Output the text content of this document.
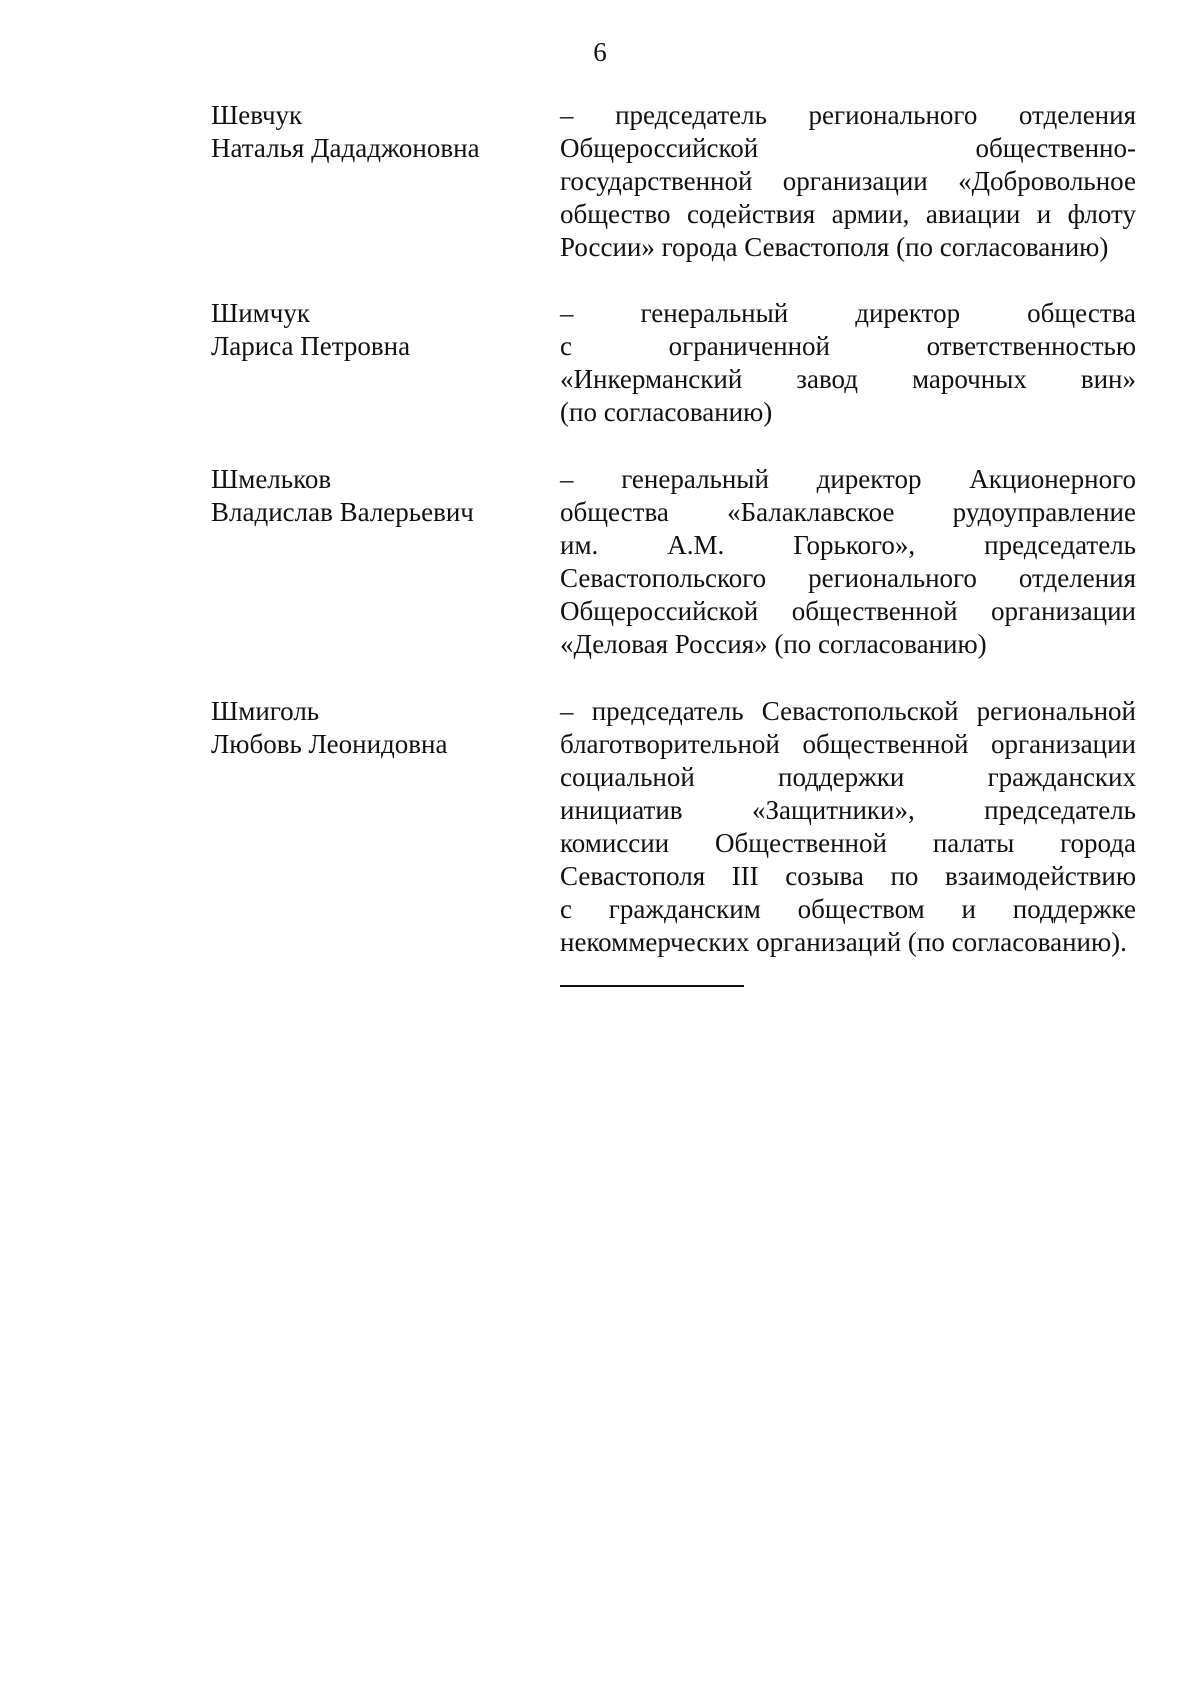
6
Шевчук
Наталья Дададжоновна
– председатель регионального отделения
Общероссийской общественно-
государственной организации «Добровольное
общество содействия армии, авиации и флоту
России» города Севастополя (по согласованию)
Шимчук
Лариса Петровна
– генеральный директор общества
с ограниченной ответственностью
«Инкерманский завод марочных вин»
(по согласованию)
Шмельков
Владислав Валерьевич
– генеральный директор Акционерного
общества «Балаклавское рудоуправление
им. А.М. Горького», председатель
Севастопольского регионального отделения
Общероссийской общественной организации
«Деловая Россия» (по согласованию)
Шмиголь
Любовь Леонидовна
– председатель Севастопольской региональной
благотворительной общественной организации
социальной поддержки гражданских
инициатив «Защитники», председатель
комиссии Общественной палаты города
Севастополя III созыва по взаимодействию
с гражданским обществом и поддержке
некоммерческих организаций (по согласованию).
